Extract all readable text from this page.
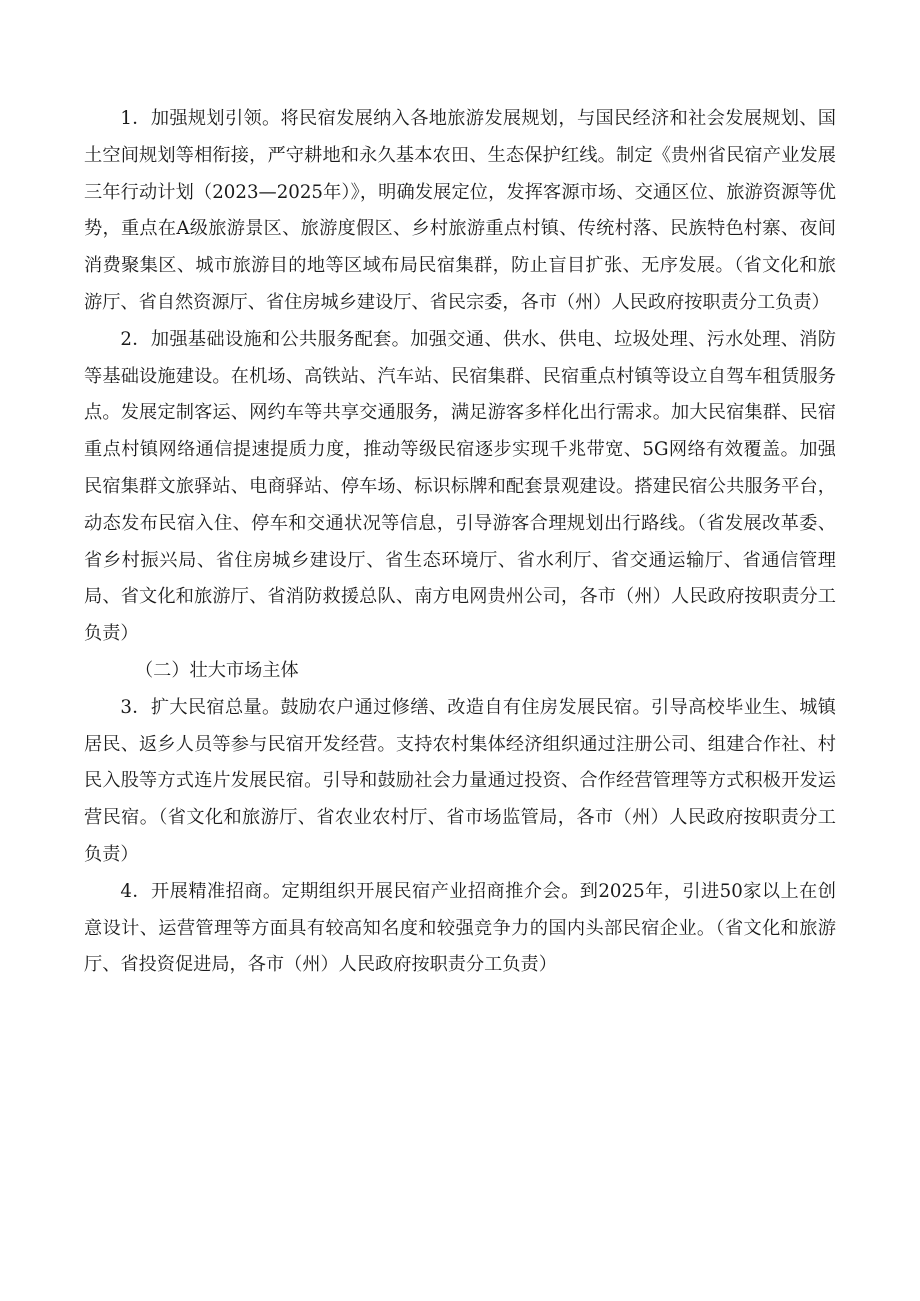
1．加强规划引领。将民宿发展纳入各地旅游发展规划，与国民经济和社会发展规划、国土空间规划等相衔接，严守耕地和永久基本农田、生态保护红线。制定《贵州省民宿产业发展三年行动计划（2023—2025年）》，明确发展定位，发挥客源市场、交通区位、旅游资源等优势，重点在A级旅游景区、旅游度假区、乡村旅游重点村镇、传统村落、民族特色村寨、夜间消费聚集区、城市旅游目的地等区域布局民宿集群，防止盲目扩张、无序发展。（省文化和旅游厅、省自然资源厅、省住房城乡建设厅、省民宗委，各市（州）人民政府按职责分工负责）

2．加强基础设施和公共服务配套。加强交通、供水、供电、垃圾处理、污水处理、消防等基础设施建设。在机场、高铁站、汽车站、民宿集群、民宿重点村镇等设立自驾车租赁服务点。发展定制客运、网约车等共享交通服务，满足游客多样化出行需求。加大民宿集群、民宿重点村镇网络通信提速提质力度，推动等级民宿逐步实现千兆带宽、5G网络有效覆盖。加强民宿集群文旅驿站、电商驿站、停车场、标识标牌和配套景观建设。搭建民宿公共服务平台，动态发布民宿入住、停车和交通状况等信息，引导游客合理规划出行路线。（省发展改革委、省乡村振兴局、省住房城乡建设厅、省生态环境厅、省水利厅、省交通运输厅、省通信管理局、省文化和旅游厅、省消防救援总队、南方电网贵州公司，各市（州）人民政府按职责分工负责）

（二）壮大市场主体

3．扩大民宿总量。鼓励农户通过修缮、改造自有住房发展民宿。引导高校毕业生、城镇居民、返乡人员等参与民宿开发经营。支持农村集体经济组织通过注册公司、组建合作社、村民入股等方式连片发展民宿。引导和鼓励社会力量通过投资、合作经营管理等方式积极开发运营民宿。（省文化和旅游厅、省农业农村厅、省市场监管局，各市（州）人民政府按职责分工负责）

4．开展精准招商。定期组织开展民宿产业招商推介会。到2025年，引进50家以上在创意设计、运营管理等方面具有较高知名度和较强竞争力的国内头部民宿企业。（省文化和旅游厅、省投资促进局，各市（州）人民政府按职责分工负责）
